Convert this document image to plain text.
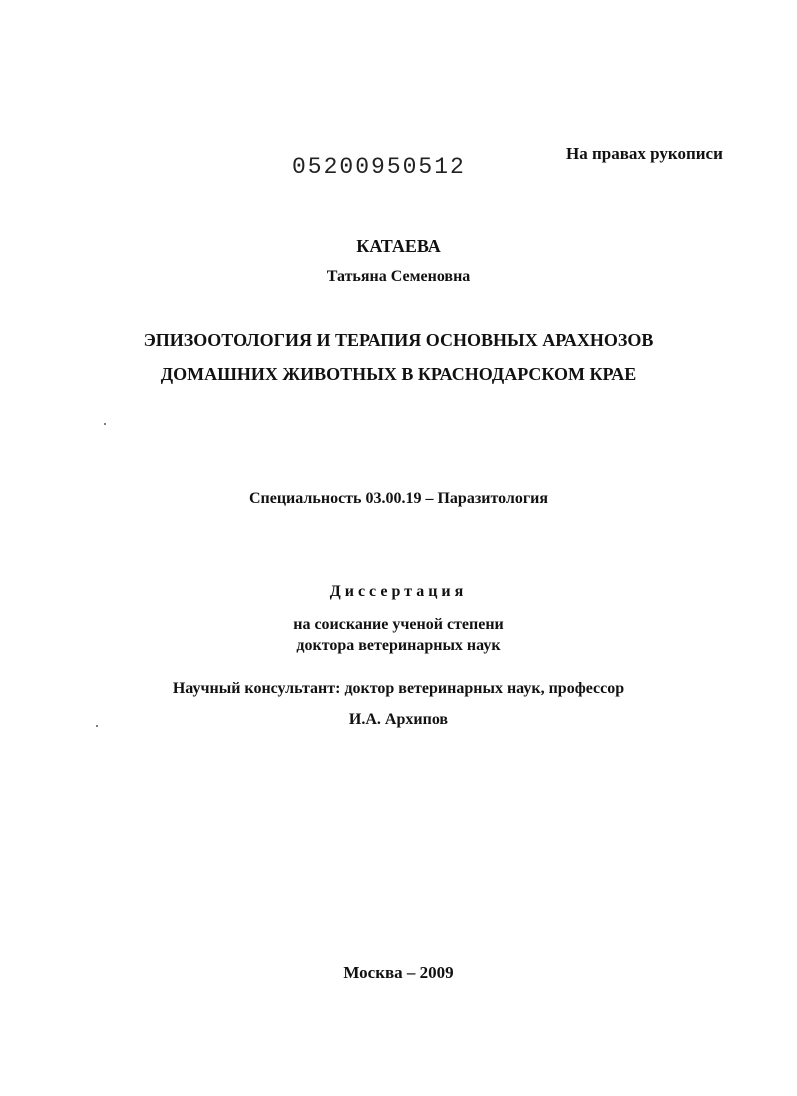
05200950512
На правах рукописи
КАТАЕВА
Татьяна Семеновна
ЭПИЗООТОЛОГИЯ И ТЕРАПИЯ ОСНОВНЫХ АРАХНОЗОВ
ДОМАШНИХ ЖИВОТНЫХ В КРАСНОДАРСКОМ КРАЕ
Специальность 03.00.19 – Паразитология
Диссертация
на соискание ученой степени
доктора ветеринарных наук
Научный консультант: доктор ветеринарных наук, профессор
И.А. Архипов
Москва – 2009
